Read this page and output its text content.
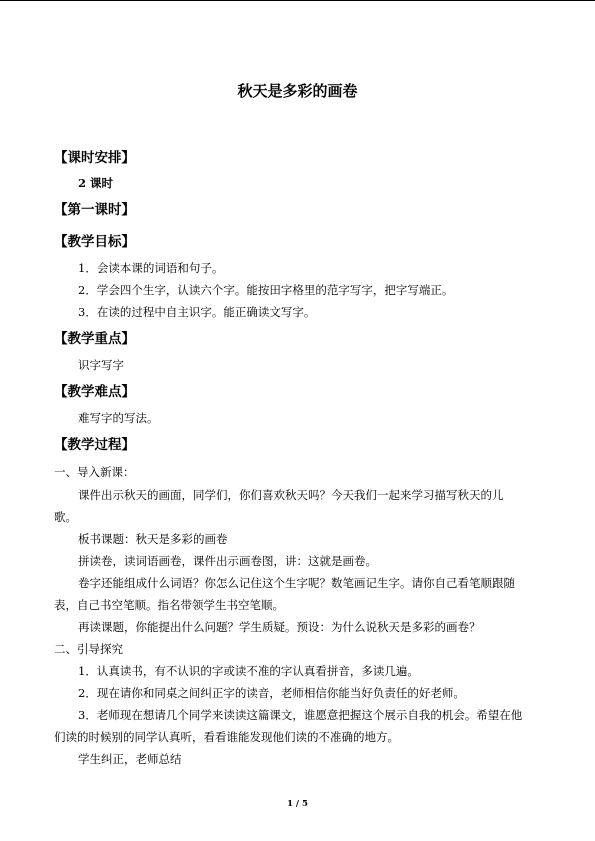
秋天是多彩的画卷
【课时安排】
2 课时
【第一课时】
【教学目标】
1．会读本课的词语和句子。
2．学会四个生字，认读六个字。能按田字格里的范字写字，把字写端正。
3．在读的过程中自主识字。能正确读文写字。
【教学重点】
识字写字
【教学难点】
难写字的写法。
【教学过程】
一、导入新课：
课件出示秋天的画面，同学们，你们喜欢秋天吗？今天我们一起来学习描写秋天的儿
歌。
板书课题：秋天是多彩的画卷
拼读卷，读词语画卷，课件出示画卷图，讲：这就是画卷。
卷字还能组成什么词语？你怎么记住这个生字呢？数笔画记生字。请你自己看笔顺跟随
表，自己书空笔顺。指名带领学生书空笔顺。
再读课题，你能提出什么问题？学生质疑。预设：为什么说秋天是多彩的画卷？
二、引导探究
1．认真读书，有不认识的字或读不准的字认真看拼音，多读几遍。
2．现在请你和同桌之间纠正字的读音，老师相信你能当好负责任的好老师。
3．老师现在想请几个同学来读读这篇课文，谁愿意把握这个展示自我的机会。希望在他
们读的时候别的同学认真听，看看谁能发现他们读的不准确的地方。
学生纠正，老师总结
1 / 5
